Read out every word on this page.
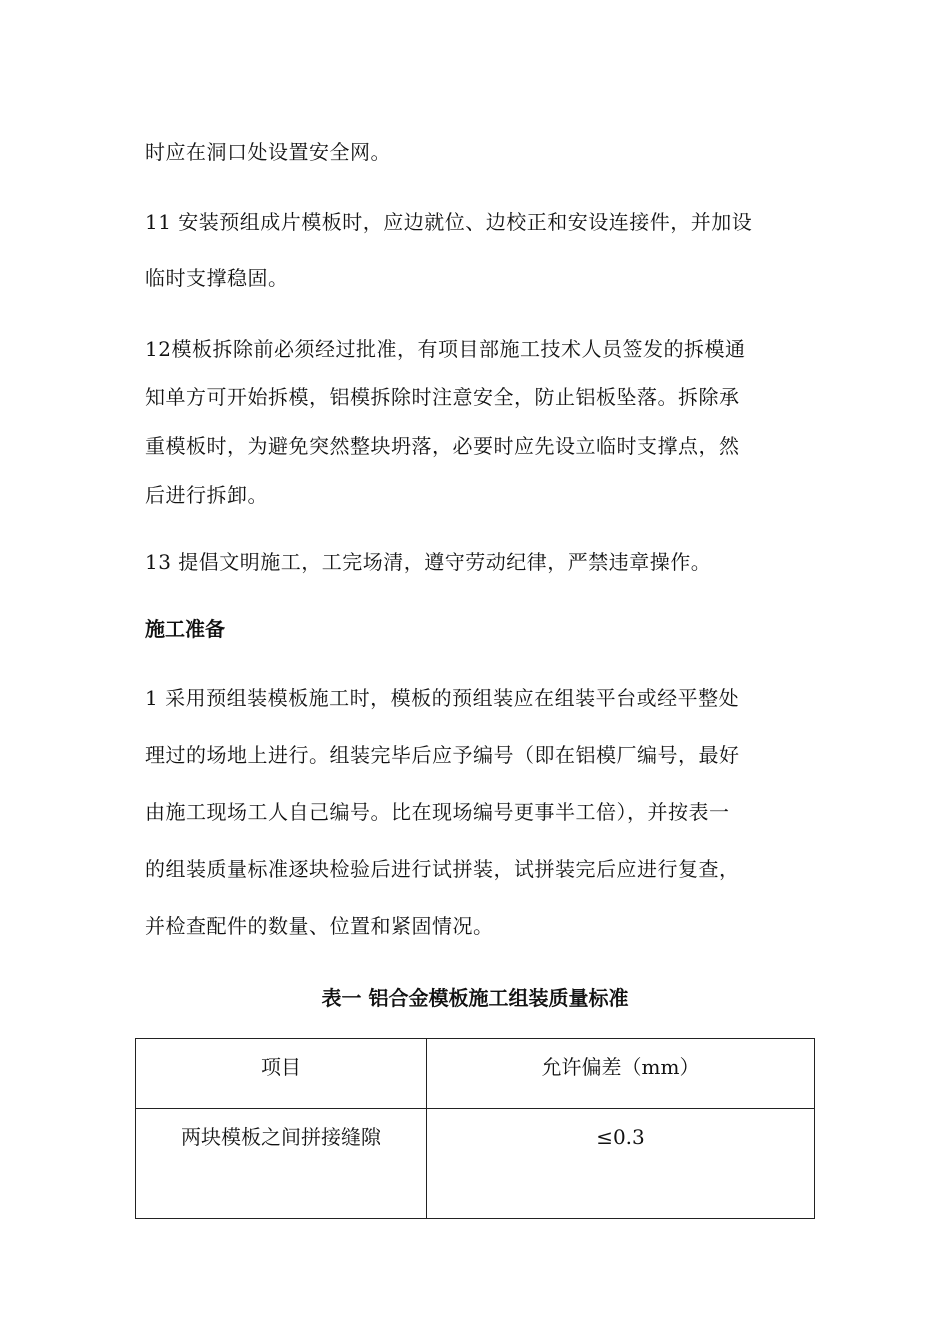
时应在洞口处设置安全网。
11 安装预组成片模板时，应边就位、边校正和安设连接件，并加设
临时支撑稳固。
12模板拆除前必须经过批准，有项目部施工技术人员签发的拆模通
知单方可开始拆模，铝模拆除时注意安全，防止铝板坠落。拆除承
重模板时，为避免突然整块坍落，必要时应先设立临时支撑点，然
后进行拆卸。
13 提倡文明施工，工完场清，遵守劳动纪律，严禁违章操作。
施工准备
1 采用预组装模板施工时，模板的预组装应在组装平台或经平整处
理过的场地上进行。组装完毕后应予编号（即在铝模厂编号，最好
由施工现场工人自己编号。比在现场编号更事半工倍），并按表一
的组装质量标准逐块检验后进行试拼装，试拼装完后应进行复查，
并检查配件的数量、位置和紧固情况。
表一 铝合金模板施工组装质量标准
项目	允许偏差（mm）
两块模板之间拼接缝隙	≤0.3
